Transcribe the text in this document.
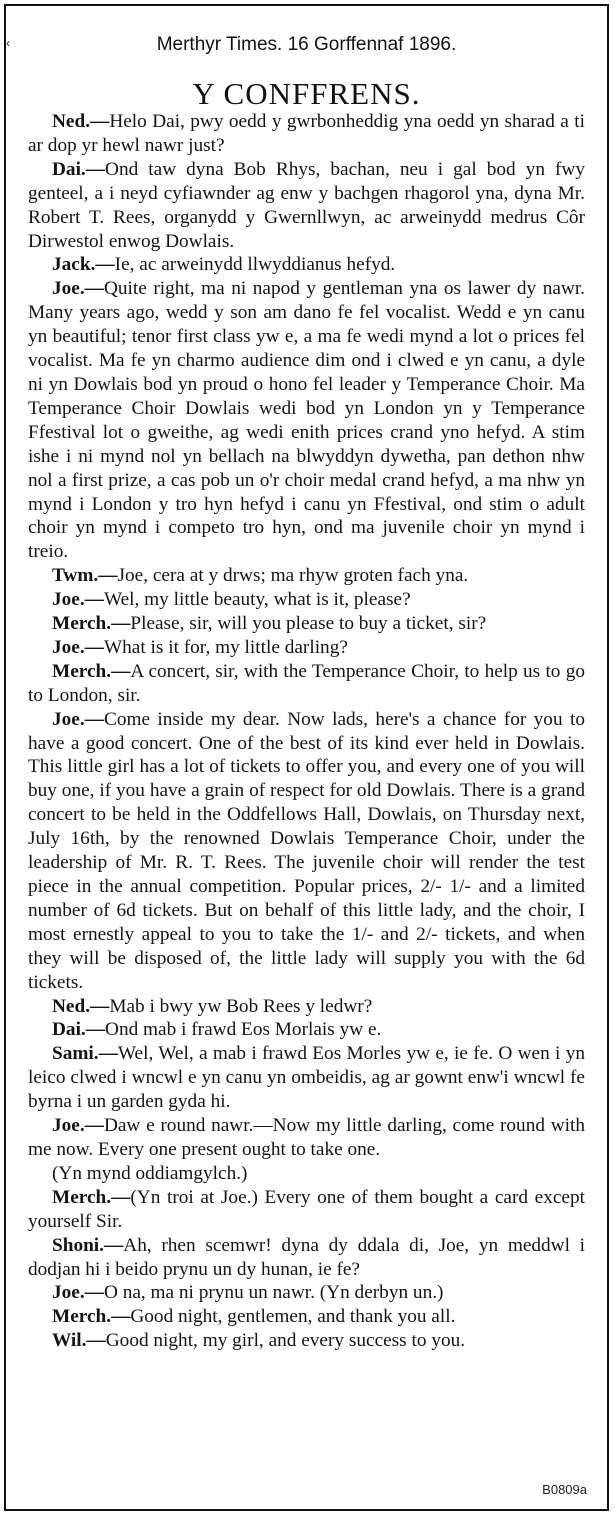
‹	Merthyr Times. 16 Gorffennaf 1896.
Y CONFFRENS.

Ned.—Helo Dai, pwy oedd y gwrbonheddig yna oedd yn sharad a ti ar dop yr hewl nawr just?

Dai.—Ond taw dyna Bob Rhys, bachan, neu i gal bod yn fwy genteel, a i neyd cyfiawnder ag enw y bachgen rhagorol yna, dyna Mr. Robert T. Rees, organydd y Gwernllwyn, ac arweinydd medrus Côr Dirwestol enwog Dowlais.

Jack.—Ie, ac arweinydd llwyddianus hefyd.

Joe.—Quite right, ma ni napod y gentleman yna os lawer dy nawr. Many years ago, wedd y son am dano fe fel vocalist. Wedd e yn canu yn beautiful; tenor first class yw e, a ma fe wedi mynd a lot o prices fel vocalist. Ma fe yn charmo audience dim ond i clwed e yn canu, a dyle ni yn Dowlais bod yn proud o hono fel leader y Temperance Choir. Ma Temperance Choir Dowlais wedi bod yn London yn y Temperance Ffestival lot o gweithe, ag wedi enith prices crand yno hefyd. A stim ishe i ni mynd nol yn bellach na blwyddyn dywetha, pan dethon nhw nol a first prize, a cas pob un o'r choir medal crand hefyd, a ma nhw yn mynd i London y tro hyn hefyd i canu yn Ffestival, ond stim o adult choir yn mynd i competo tro hyn, ond ma juvenile choir yn mynd i treio.

Twm.—Joe, cera at y drws; ma rhyw groten fach yna.

Joe.—Wel, my little beauty, what is it, please?

Merch.—Please, sir, will you please to buy a ticket, sir?

Joe.—What is it for, my little darling?

Merch.—A concert, sir, with the Temperance Choir, to help us to go to London, sir.

Joe.—Come inside my dear. Now lads, here's a chance for you to have a good concert. One of the best of its kind ever held in Dowlais. This little girl has a lot of tickets to offer you, and every one of you will buy one, if you have a grain of respect for old Dowlais. There is a grand concert to be held in the Oddfellows Hall, Dowlais, on Thursday next, July 16th, by the renowned Dowlais Temperance Choir, under the leadership of Mr. R. T. Rees. The juvenile choir will render the test piece in the annual competition. Popular prices, 2/- 1/- and a limited number of 6d tickets. But on behalf of this little lady, and the choir, I most ernestly appeal to you to take the 1/- and 2/- tickets, and when they will be disposed of, the little lady will supply you with the 6d tickets.

Ned.—Mab i bwy yw Bob Rees y ledwr?

Dai.—Ond mab i frawd Eos Morlais yw e.

Sami.—Wel, Wel, a mab i frawd Eos Morles yw e, ie fe. O wen i yn leico clwed i wncwl e yn canu yn ombeidis, ag ar gownt enw'i wncwl fe byrna i un garden gyda hi.

Joe.—Daw e round nawr.—Now my little darling, come round with me now. Every one present ought to take one.

(Yn mynd oddiamgylch.)

Merch.—(Yn troi at Joe.) Every one of them bought a card except yourself Sir.

Shoni.—Ah, rhen scemwr! dyna dy ddala di, Joe, yn meddwl i dodjan hi i beido prynu un dy hunan, ie fe?

Joe.—O na, ma ni prynu un nawr. (Yn derbyn un.)

Merch.—Good night, gentlemen, and thank you all.

Wil.—Good night, my girl, and every success to you.

B0809a
